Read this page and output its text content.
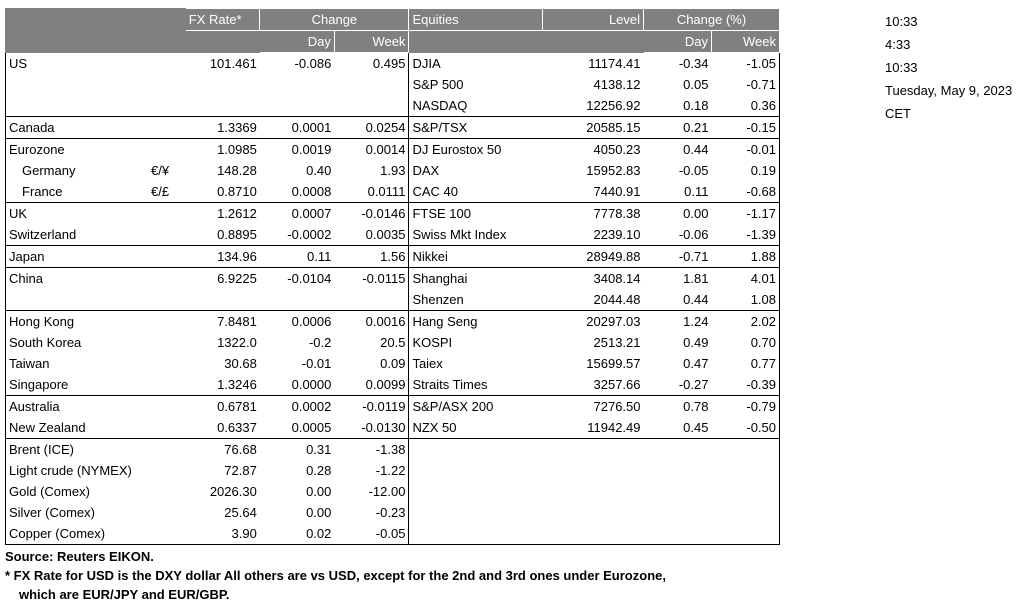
		FX Rate*	Change		Equities	Level	Change (%)	
			Day	Week			Day	Week
US		101.461	-0.086	0.495	DJIA	11174.41	-0.34	-1.05
					S&P 500	4138.12	0.05	-0.71
					NASDAQ	12256.92	0.18	0.36
Canada		1.3369	0.0001	0.0254	S&P/TSX	20585.15	0.21	-0.15
Eurozone		1.0985	0.0019	0.0014	DJ Eurostox 50	4050.23	0.44	-0.01
Germany	€/¥	148.28	0.40	1.93	DAX	15952.83	-0.05	0.19
France	€/£	0.8710	0.0008	0.0111	CAC 40	7440.91	0.11	-0.68
UK		1.2612	0.0007	-0.0146	FTSE 100	7778.38	0.00	-1.17
Switzerland		0.8895	-0.0002	0.0035	Swiss Mkt Index	2239.10	-0.06	-1.39
Japan		134.96	0.11	1.56	Nikkei	28949.88	-0.71	1.88
China		6.9225	-0.0104	-0.0115	Shanghai	3408.14	1.81	4.01
					Shenzen	2044.48	0.44	1.08
Hong Kong		7.8481	0.0006	0.0016	Hang Seng	20297.03	1.24	2.02
South Korea		1322.0	-0.2	20.5	KOSPI	2513.21	0.49	0.70
Taiwan		30.68	-0.01	0.09	Taiex	15699.57	0.47	0.77
Singapore		1.3246	0.0000	0.0099	Straits Times	3257.66	-0.27	-0.39
Australia		0.6781	0.0002	-0.0119	S&P/ASX 200	7276.50	0.78	-0.79
New Zealand		0.6337	0.0005	-0.0130	NZX 50	11942.49	0.45	-0.50
Brent (ICE)		76.68	0.31	-1.38				
Light crude (NYMEX)		72.87	0.28	-1.22				
Gold (Comex)		2026.30	0.00	-12.00				
Silver (Comex)		25.64	0.00	-0.23				
Copper (Comex)		3.90	0.02	-0.05				
Source: Reuters EIKON.
* FX Rate for USD is the DXY dollar All others are vs USD, except for the 2nd and 3rd ones under Eurozone,
which are EUR/JPY and EUR/GBP.
10:33
4:33
10:33
Tuesday, May 9, 2023
CET
